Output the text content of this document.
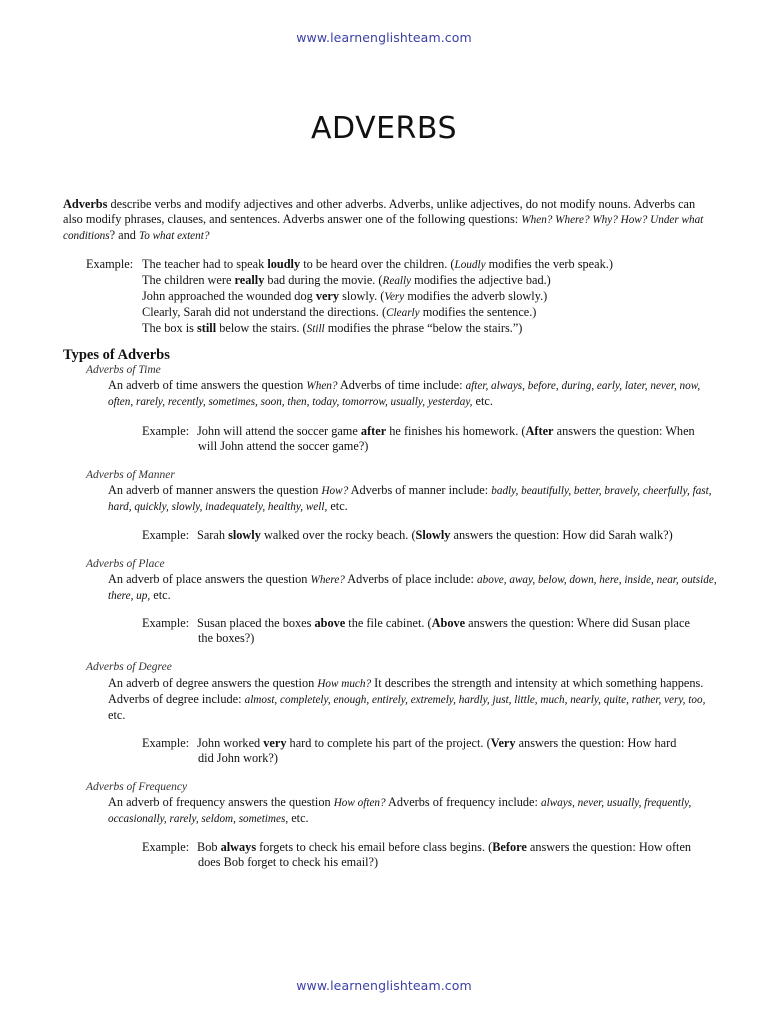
www.learnenglishteam.com
ADVERBS
Adverbs describe verbs and modify adjectives and other adverbs. Adverbs, unlike adjectives, do not modify nouns. Adverbs can also modify phrases, clauses, and sentences. Adverbs answer one of the following questions: When? Where? Why? How? Under what conditions? and To what extent?
Example: The teacher had to speak loudly to be heard over the children. (Loudly modifies the verb speak.)
The children were really bad during the movie. (Really modifies the adjective bad.)
John approached the wounded dog very slowly. (Very modifies the adverb slowly.)
Clearly, Sarah did not understand the directions. (Clearly modifies the sentence.)
The box is still below the stairs. (Still modifies the phrase “below the stairs.”)
Types of Adverbs
Adverbs of Time
An adverb of time answers the question When? Adverbs of time include: after, always, before, during, early, later, never, now, often, rarely, recently, sometimes, soon, then, today, tomorrow, usually, yesterday, etc.
Example: John will attend the soccer game after he finishes his homework. (After answers the question: When
will John attend the soccer game?)
Adverbs of Manner
An adverb of manner answers the question How? Adverbs of manner include: badly, beautifully, better, bravely, cheerfully, fast, hard, quickly, slowly, inadequately, healthy, well, etc.
Example: Sarah slowly walked over the rocky beach. (Slowly answers the question: How did Sarah walk?)
Adverbs of Place
An adverb of place answers the question Where? Adverbs of place include: above, away, below, down, here, inside, near, outside, there, up, etc.
Example: Susan placed the boxes above the file cabinet. (Above answers the question: Where did Susan place
the boxes?)
Adverbs of Degree
An adverb of degree answers the question How much? It describes the strength and intensity at which something happens. Adverbs of degree include: almost, completely, enough, entirely, extremely, hardly, just, little, much, nearly, quite, rather, very, too, etc.
Example: John worked very hard to complete his part of the project. (Very answers the question: How hard
did John work?)
Adverbs of Frequency
An adverb of frequency answers the question How often? Adverbs of frequency include: always, never, usually, frequently, occasionally, rarely, seldom, sometimes, etc.
Example: Bob always forgets to check his email before class begins. (Before answers the question: How often
does Bob forget to check his email?)
www.learnenglishteam.com
